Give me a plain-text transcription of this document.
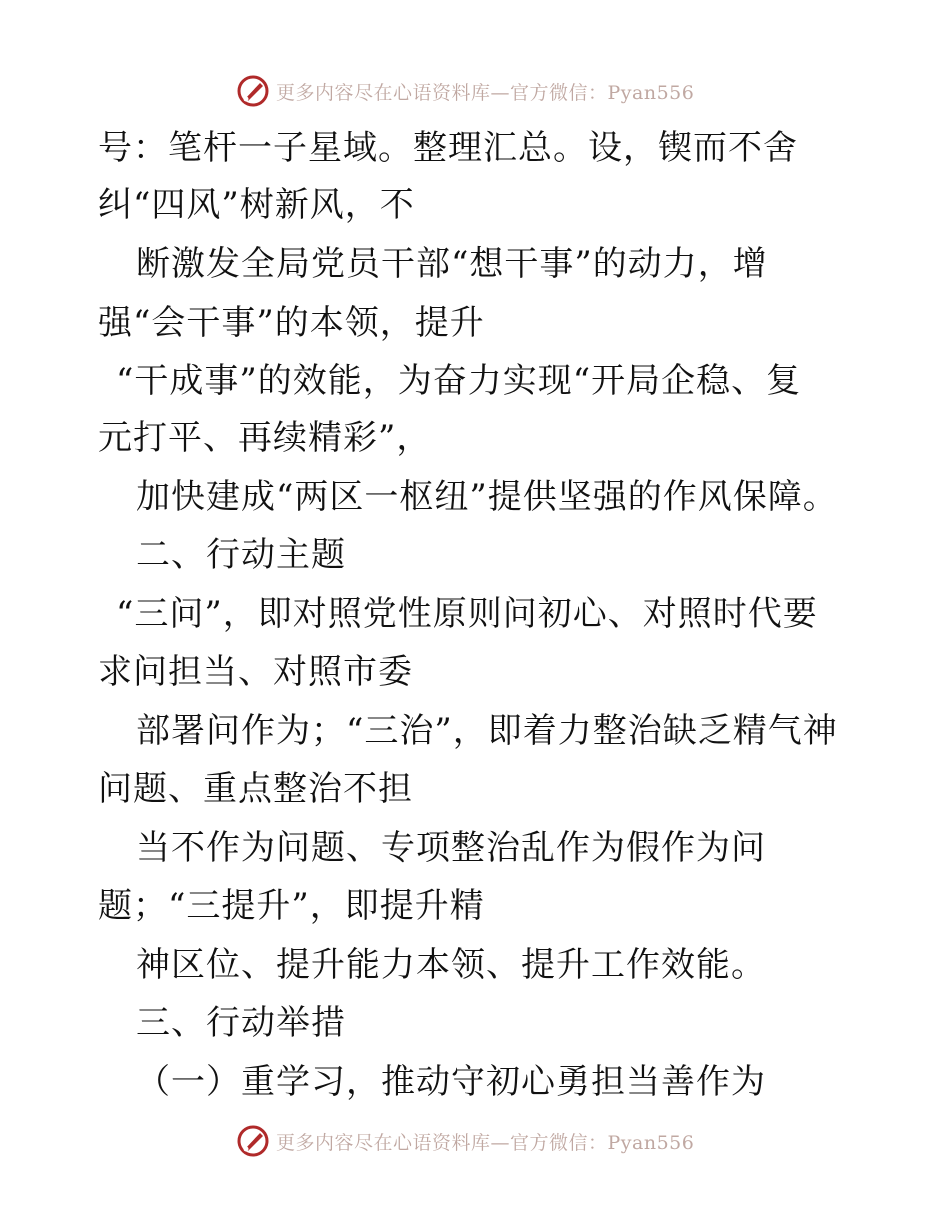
更多内容尽在心语资料库—官方微信：Pyan556

号：笔杆一子星域。整理汇总。设，锲而不舍

纠“四风”树新风，不

断激发全局党员干部“想干事”的动力，增

强“会干事”的本领，提升

“干成事”的效能，为奋力实现“开局企稳、复

元打平、再续精彩”，

加快建成“两区一枢纽”提供坚强的作风保障。

二、行动主题

“三问”，即对照党性原则问初心、对照时代要

求问担当、对照市委

部署问作为；“三治”，即着力整治缺乏精气神

问题、重点整治不担

当不作为问题、专项整治乱作为假作为问

题；“三提升”，即提升精

神区位、提升能力本领、提升工作效能。

三、行动举措

（一）重学习，推动守初心勇担当善作为

更多内容尽在心语资料库—官方微信：Pyan556
